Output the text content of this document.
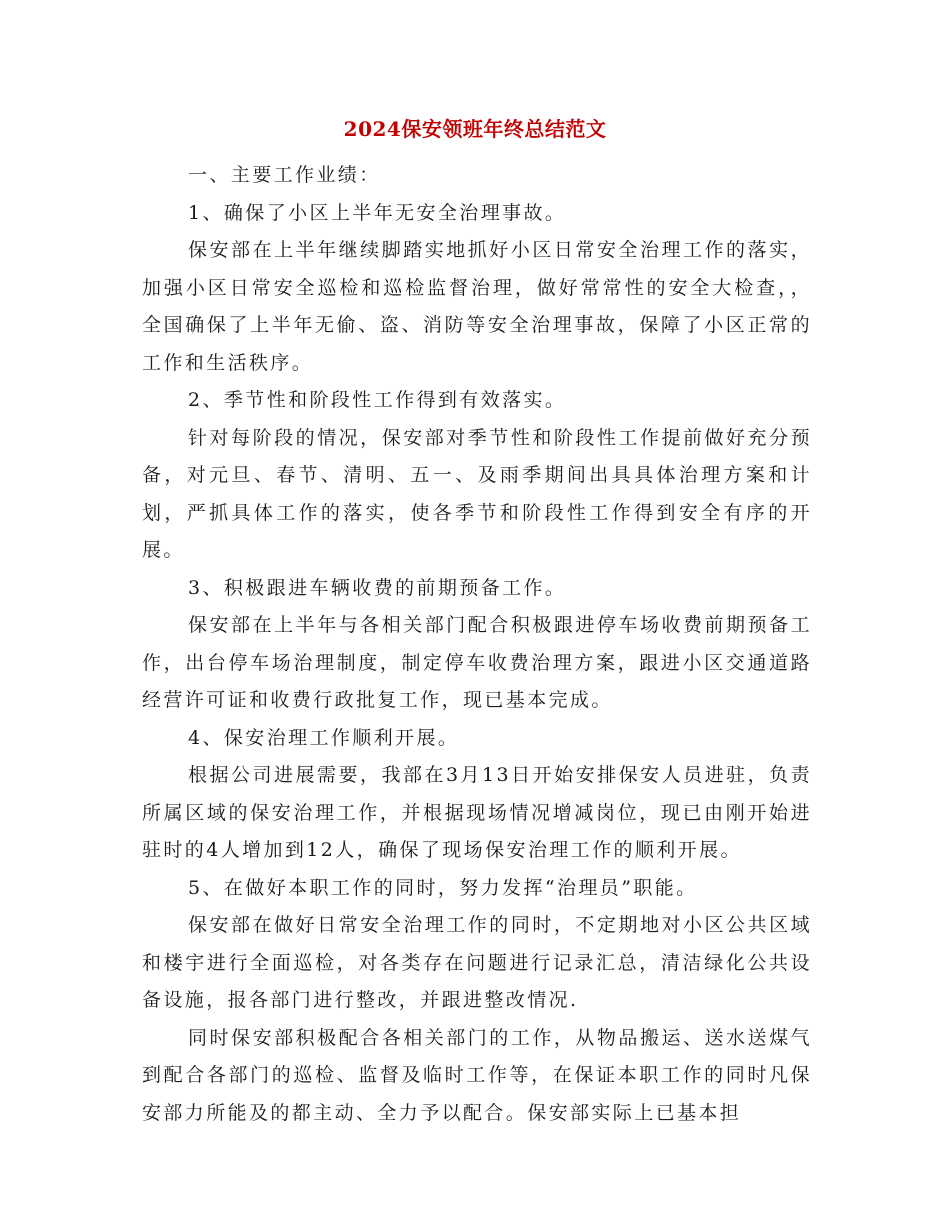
2024保安领班年终总结范文

一、主要工作业绩：

1、确保了小区上半年无安全治理事故。

保安部在上半年继续脚踏实地抓好小区日常安全治理工作的落实，加强小区日常安全巡检和巡检监督治理，做好常常性的安全大检查，，全国确保了上半年无偷、盗、消防等安全治理事故，保障了小区正常的工作和生活秩序。

2、季节性和阶段性工作得到有效落实。

针对每阶段的情况，保安部对季节性和阶段性工作提前做好充分预备，对元旦、春节、清明、五一、及雨季期间出具具体治理方案和计划，严抓具体工作的落实，使各季节和阶段性工作得到安全有序的开展。

3、积极跟进车辆收费的前期预备工作。

保安部在上半年与各相关部门配合积极跟进停车场收费前期预备工作，出台停车场治理制度，制定停车收费治理方案，跟进小区交通道路经营许可证和收费行政批复工作，现已基本完成。

4、保安治理工作顺利开展。

根据公司进展需要，我部在3月13日开始安排保安人员进驻，负责所属区域的保安治理工作，并根据现场情况增减岗位，现已由刚开始进驻时的4人增加到12人，确保了现场保安治理工作的顺利开展。

5、在做好本职工作的同时，努力发挥“治理员”职能。

保安部在做好日常安全治理工作的同时，不定期地对小区公共区域和楼宇进行全面巡检，对各类存在问题进行记录汇总，清洁绿化公共设备设施，报各部门进行整改，并跟进整改情况.

同时保安部积极配合各相关部门的工作，从物品搬运、送水送煤气到配合各部门的巡检、监督及临时工作等，在保证本职工作的同时凡保安部力所能及的都主动、全力予以配合。保安部实际上已基本担
